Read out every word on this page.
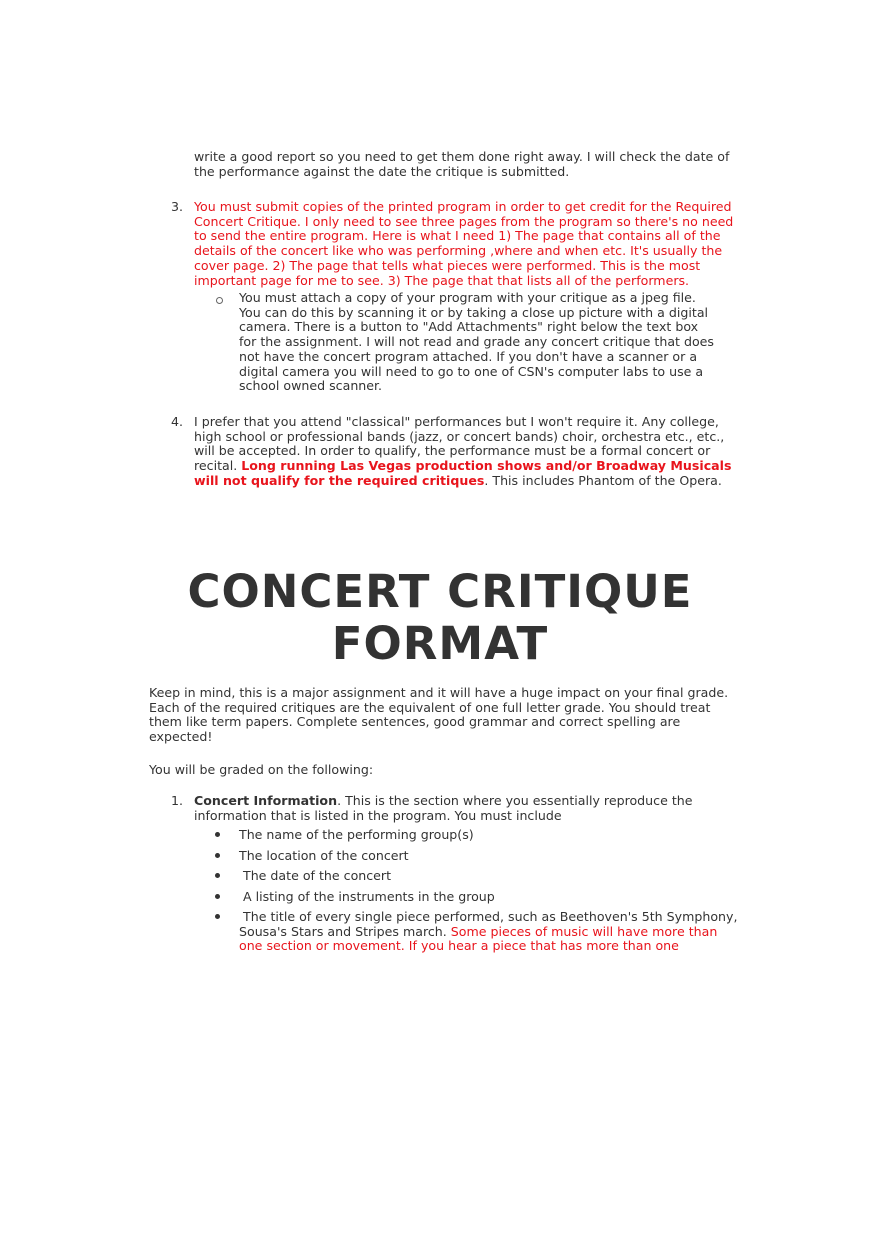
write a good report so you need to get them done right away. I will check the date of the performance against the date the critique is submitted.
3. You must submit copies of the printed program in order to get credit for the Required Concert Critique. I only need to see three pages from the program so there's no need to send the entire program. Here is what I need 1) The page that contains all of the details of the concert like who was performing ,where and when etc. It's usually the cover page. 2) The page that tells what pieces were performed. This is the most important page for me to see. 3) The page that that lists all of the performers.
You must attach a copy of your program with your critique as a jpeg file. You can do this by scanning it or by taking a close up picture with a digital camera. There is a button to "Add Attachments" right below the text box for the assignment. I will not read and grade any concert critique that does not have the concert program attached. If you don't have a scanner or a digital camera you will need to go to one of CSN's computer labs to use a school owned scanner.
4. I prefer that you attend "classical" performances but I won't require it. Any college, high school or professional bands (jazz, or concert bands) choir, orchestra etc., etc., will be accepted. In order to qualify, the performance must be a formal concert or recital. Long running Las Vegas production shows and/or Broadway Musicals will not qualify for the required critiques. This includes Phantom of the Opera.
CONCERT CRITIQUE
FORMAT
Keep in mind, this is a major assignment and it will have a huge impact on your final grade. Each of the required critiques are the equivalent of one full letter grade. You should treat them like term papers. Complete sentences, good grammar and correct spelling are expected!
You will be graded on the following:
1. Concert Information. This is the section where you essentially reproduce the information that is listed in the program. You must include
The name of the performing group(s)
The location of the concert
The date of the concert
A listing of the instruments in the group
The title of every single piece performed, such as Beethoven's 5th Symphony, Sousa's Stars and Stripes march. Some pieces of music will have more than one section or movement. If you hear a piece that has more than one
